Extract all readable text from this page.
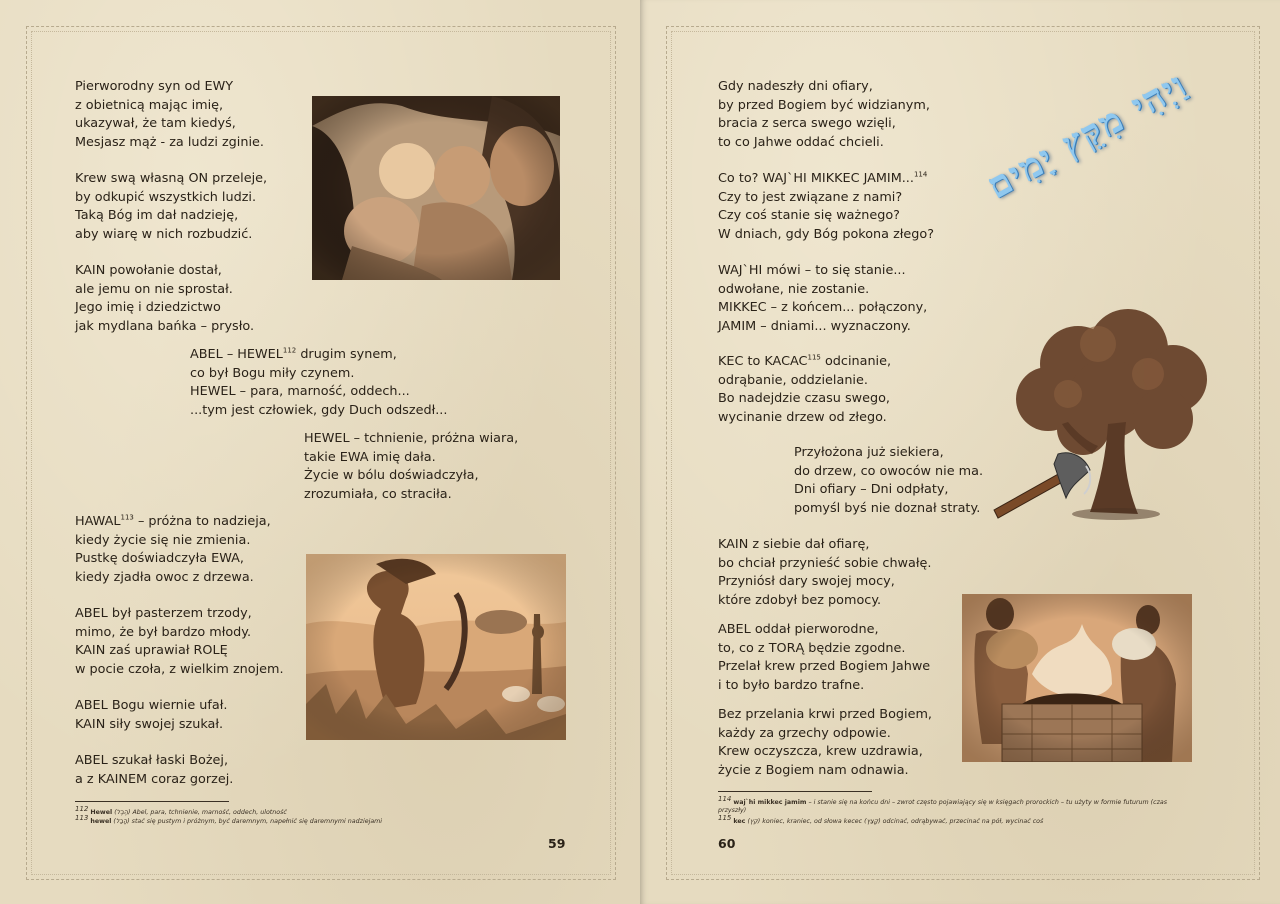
Pierworodny syn od EWY
z obietnicą mając imię,
ukazywał, że tam kiedyś,
Mesjasz mąż - za ludzi zginie.
Krew swą własną ON przeleje,
by odkupić wszystkich ludzi.
Taką Bóg im dał nadzieję,
aby wiarę w nich rozbudzić.
KAIN powołanie dostał,
ale jemu on nie sprostał.
Jego imię i dziedzictwo
jak mydlana bańka – prysło.
ABEL – HEWEL$^{112}$ drugim synem,
co był Bogu miły czynem.
HEWEL – para, marność, oddech...
...tym jest człowiek, gdy Duch odszedł...
HEWEL – tchnienie, próżna wiara,
takie EWA imię dała.
Życie w bólu doświadczyła,
zrozumiała, co straciła.
HAWAL$^{113}$ – próżna to nadzieja,
kiedy życie się nie zmienia.
Pustkę doświadczyła EWA,
kiedy zjadła owoc z drzewa.
ABEL był pasterzem trzody,
mimo, że był bardzo młody.
KAIN zaś uprawiał ROLĘ
w pocie czoła, z wielkim znojem.
ABEL Bogu wiernie ufał.
KAIN siły swojej szukał.
ABEL szukał łaski Bożej,
a z KAINEM coraz gorzej.
$^{112}$ Hewel (הֶבֶל) Abel, para, tchnienie, marność, oddech, ulotność
$^{113}$ hewel (הָבַל) stać się pustym i próżnym, być daremnym, napełnić się daremnymi nadziejami
59
Gdy nadeszły dni ofiary,
by przed Bogiem być widzianym,
bracia z serca swego wzięli,
to co Jahwe oddać chcieli.
Co to? WAJ`HI MIKKEC JAMIM...$^{114}$
Czy to jest związane z nami?
Czy coś stanie się ważnego?
W dniach, gdy Bóg pokona złego?
WAJ`HI mówi – to się stanie...
odwołane, nie zostanie.
MIKKEC – z końcem... połączony,
JAMIM – dniami... wyznaczony.
KEC to KACAC$^{115}$ odcinanie,
odrąbanie, oddzielanie.
Bo nadejdzie czasu swego,
wycinanie drzew od złego.
Przyłożona już siekiera,
do drzew, co owoców nie ma.
Dni ofiary – Dni odpłaty,
pomyśl byś nie doznał straty.
KAIN z siebie dał ofiarę,
bo chciał przynieść sobie chwałę.
Przyniósł dary swojej mocy,
które zdobył bez pomocy.
ABEL oddał pierworodne,
to, co z TORĄ będzie zgodne.
Przelał krew przed Bogiem Jahwe
i to było bardzo trafne.
Bez przelania krwi przed Bogiem,
każdy za grzechy odpowie.
Krew oczyszcza, krew uzdrawia,
życie z Bogiem nam odnawia.
$^{114}$ waj`hi mikkec jamim – i stanie się na końcu dni – zwrot często pojawiający się w księgach prorockich – tu użyty w formie futurum (czas przyszły)
$^{115}$ kec (קֵץ) koniec, kraniec, od słowa kecec (קָצַץ) odcinać, odrąbywać, przecinać na pół, wycinać coś
60
וַיְהִי מִקֵּץ יָמִים
